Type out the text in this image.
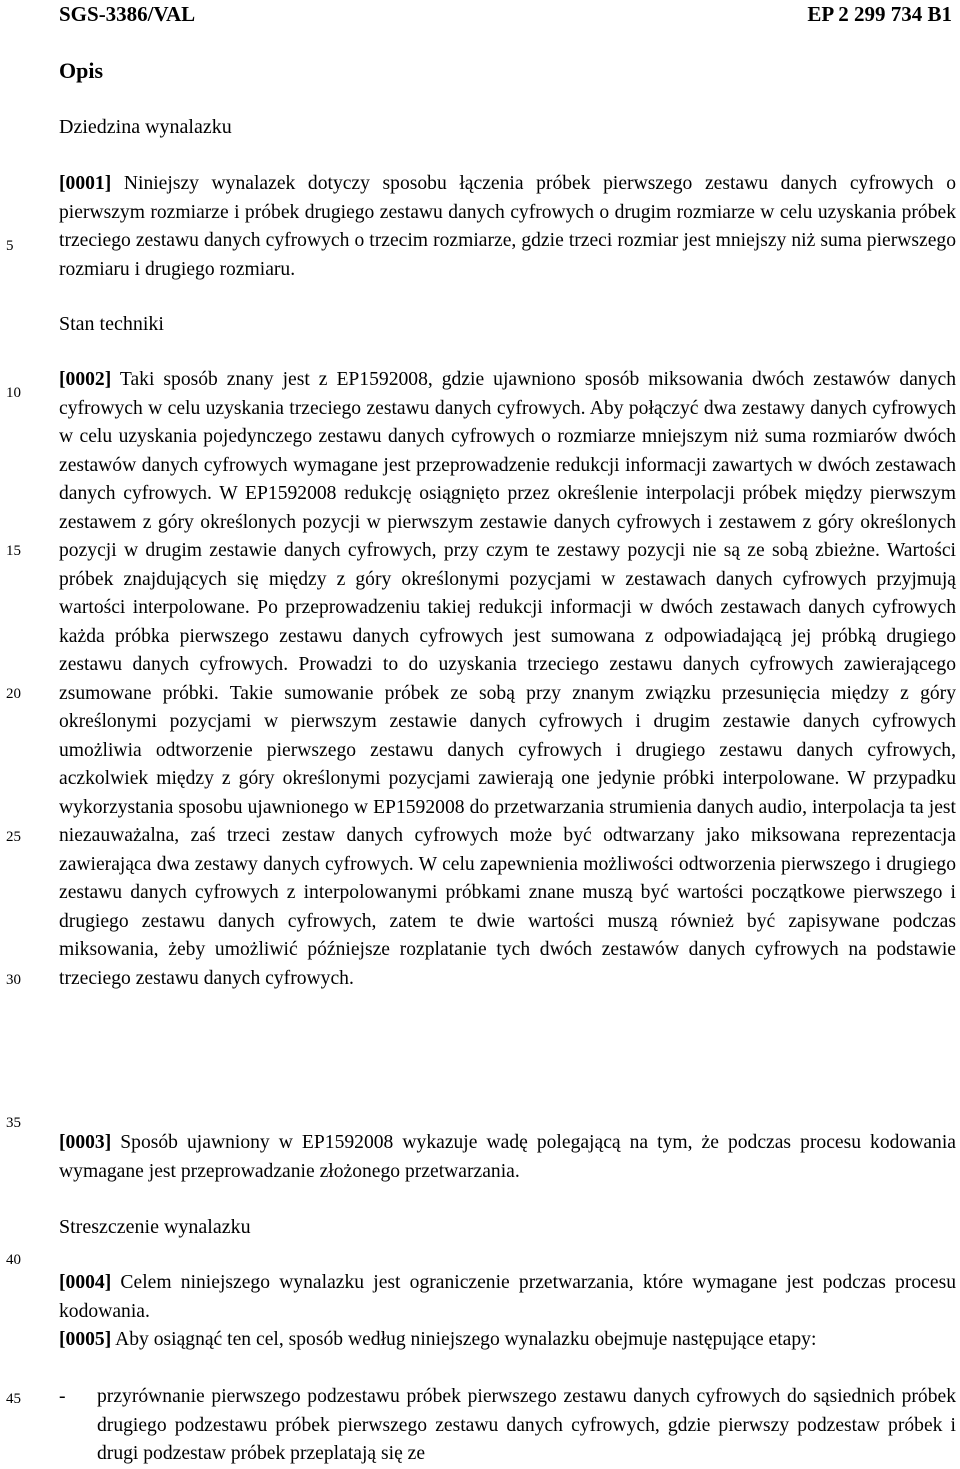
SGS-3386/VAL	EP 2 299 734 B1
5
10
15
20
25
30
35
40
45
Opis
Dziedzina wynalazku
[0001] Niniejszy wynalazek dotyczy sposobu łączenia próbek pierwszego zestawu danych cyfrowych o pierwszym rozmiarze i próbek drugiego zestawu danych cyfrowych o drugim rozmiarze w celu uzyskania próbek trzeciego zestawu danych cyfrowych o trzecim rozmiarze, gdzie trzeci rozmiar jest mniejszy niż suma pierwszego rozmiaru i drugiego rozmiaru.
Stan techniki
[0002] Taki sposób znany jest z EP1592008, gdzie ujawniono sposób miksowania dwóch zestawów danych cyfrowych w celu uzyskania trzeciego zestawu danych cyfrowych. Aby połączyć dwa zestawy danych cyfrowych w celu uzyskania pojedynczego zestawu danych cyfrowych o rozmiarze mniejszym niż suma rozmiarów dwóch zestawów danych cyfrowych wymagane jest przeprowadzenie redukcji informacji zawartych w dwóch zestawach danych cyfrowych. W EP1592008 redukcję osiągnięto przez określenie interpolacji próbek między pierwszym zestawem z góry określonych pozycji w pierwszym zestawie danych cyfrowych i zestawem z góry określonych pozycji w drugim zestawie danych cyfrowych, przy czym te zestawy pozycji nie są ze sobą zbieżne. Wartości próbek znajdujących się między z góry określonymi pozycjami w zestawach danych cyfrowych przyjmują wartości interpolowane. Po przeprowadzeniu takiej redukcji informacji w dwóch zestawach danych cyfrowych każda próbka pierwszego zestawu danych cyfrowych jest sumowana z odpowiadającą jej próbką drugiego zestawu danych cyfrowych. Prowadzi to do uzyskania trzeciego zestawu danych cyfrowych zawierającego zsumowane próbki. Takie sumowanie próbek ze sobą przy znanym związku przesunięcia między z góry określonymi pozycjami w pierwszym zestawie danych cyfrowych i drugim zestawie danych cyfrowych umożliwia odtworzenie pierwszego zestawu danych cyfrowych i drugiego zestawu danych cyfrowych, aczkolwiek między z góry określonymi pozycjami zawierają one jedynie próbki interpolowane. W przypadku wykorzystania sposobu ujawnionego w EP1592008 do przetwarzania strumienia danych audio, interpolacja ta jest niezauważalna, zaś trzeci zestaw danych cyfrowych może być odtwarzany jako miksowana reprezentacja zawierająca dwa zestawy danych cyfrowych. W celu zapewnienia możliwości odtworzenia pierwszego i drugiego zestawu danych cyfrowych z interpolowanymi próbkami znane muszą być wartości początkowe pierwszego i drugiego zestawu danych cyfrowych, zatem te dwie wartości muszą również być zapisywane podczas miksowania, żeby umożliwić późniejsze rozplatanie tych dwóch zestawów danych cyfrowych na podstawie trzeciego zestawu danych cyfrowych.
[0003] Sposób ujawniony w EP1592008 wykazuje wadę polegającą na tym, że podczas procesu kodowania wymagane jest przeprowadzanie złożonego przetwarzania.
Streszczenie wynalazku
[0004] Celem niniejszego wynalazku jest ograniczenie przetwarzania, które wymagane jest podczas procesu kodowania.
[0005] Aby osiągnąć ten cel, sposób według niniejszego wynalazku obejmuje następujące etapy:
-	przyrównanie pierwszego podzestawu próbek pierwszego zestawu danych cyfrowych do sąsiednich próbek drugiego podzestawu próbek pierwszego zestawu danych cyfrowych, gdzie pierwszy podzestaw próbek i drugi podzestaw próbek przeplatają się ze
